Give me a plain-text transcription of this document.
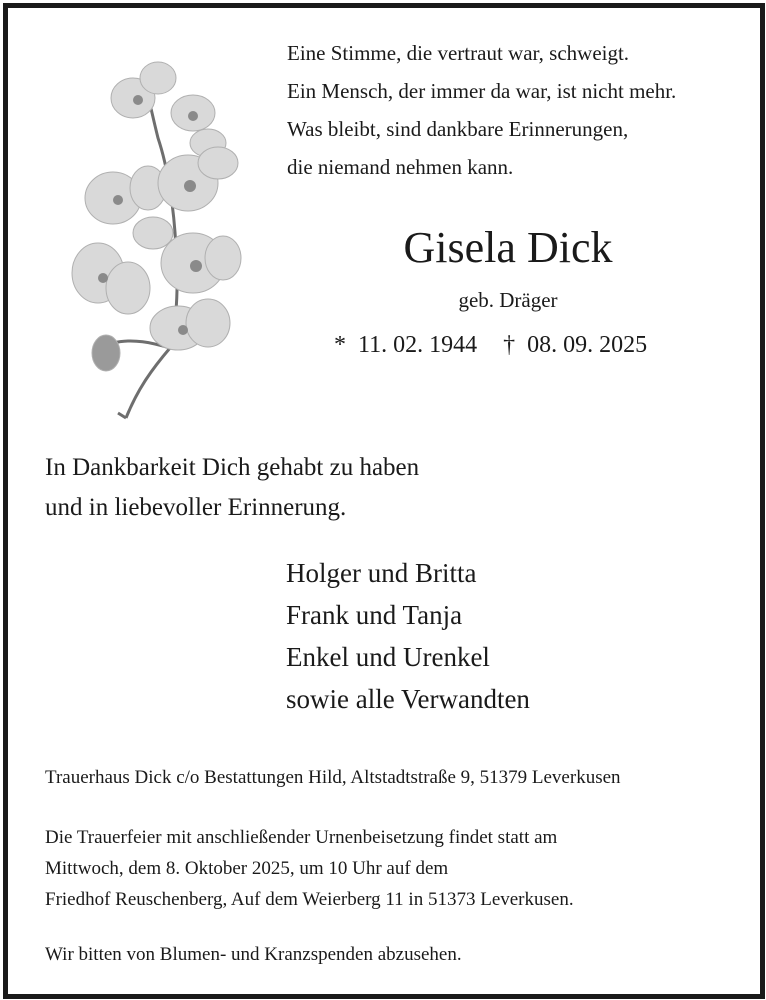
Eine Stimme, die vertraut war, schweigt.
Ein Mensch, der immer da war, ist nicht mehr.
Was bleibt, sind dankbare Erinnerungen,
die niemand nehmen kann.
Gisela Dick
geb. Dräger
* 11. 02. 1944 † 08. 09. 2025
In Dankbarkeit Dich gehabt zu haben
und in liebevoller Erinnerung.
Holger und Britta
Frank und Tanja
Enkel und Urenkel
sowie alle Verwandten
Trauerhaus Dick c/o Bestattungen Hild, Altstadtstraße 9, 51379 Leverkusen
Die Trauerfeier mit anschließender Urnenbeisetzung findet statt am
Mittwoch, dem 8. Oktober 2025, um 10 Uhr auf dem
Friedhof Reuschenberg, Auf dem Weierberg 11 in 51373 Leverkusen.
Wir bitten von Blumen- und Kranzspenden abzusehen.
